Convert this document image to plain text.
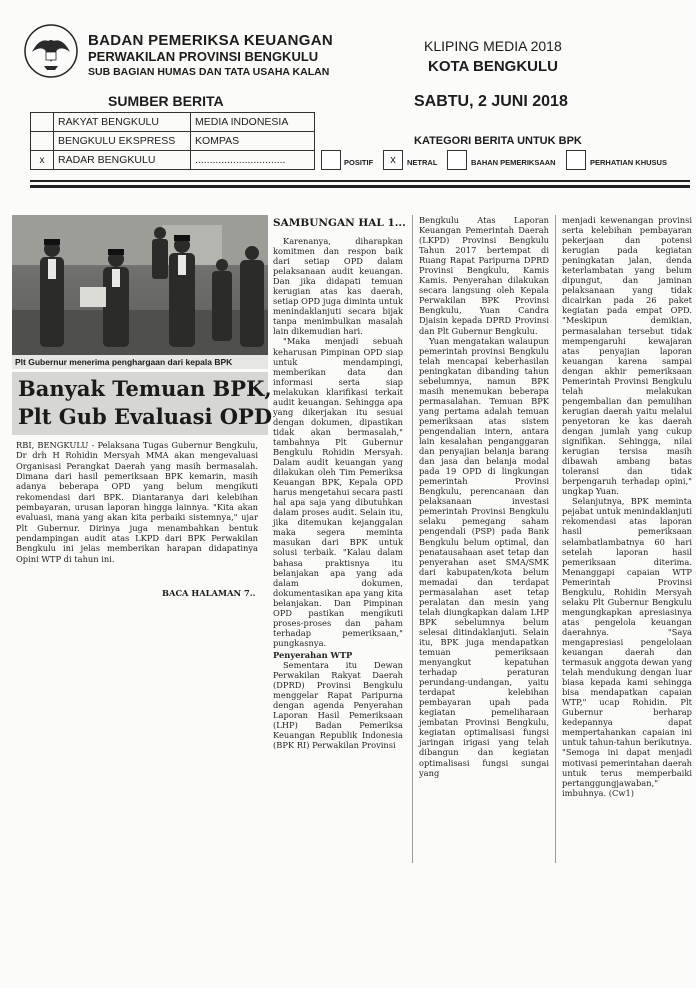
BADAN PEMERIKSA KEUANGAN
PERWAKILAN PROVINSI BENGKULU
SUB BAGIAN HUMAS DAN TATA USAHA KALAN
KLIPING MEDIA 2018
KOTA BENGKULU
SABTU, 2 JUNI 2018
SUMBER BERITA
	RAKYAT BENGKULU	MEDIA INDONESIA
	BENGKULU EKSPRESS	KOMPAS
x	RADAR BENGKULU	...............................
KATEGORI BERITA UNTUK BPK
POSITIF	x	NETRAL	BAHAN PEMERIKSAAN	PERHATIAN KHUSUS
Plt Gubernur menerima penghargaan dari kepala BPK
Banyak Temuan BPK,
Plt Gub Evaluasi OPD

RBI, BENGKULU - Pelaksana Tugas Gubernur Bengkulu, Dr drh H Rohidin Mersyah MMA akan mengevaluasi Organisasi Perangkat Daerah yang masih bermasalah. Dimana dari hasil pemeriksaan BPK kemarin, masih adanya beberapa OPD yang belum mengikuti rekomendasi dari BPK. Diantaranya dari kelebihan pembayaran, urusan laporan hingga lainnya. "Kita akan evaluasi, mana yang akan kita perbaiki sistemnya," ujar Plt Gubernur. Dirinya juga menambahkan bentuk pendampingan audit atas LKPD dari BPK Perwakilan Bengkulu ini jelas memberikan harapan didapatinya Opini WTP di tahun ini.

BACA HALAMAN 7..
SAMBUNGAN HAL 1...

Karenanya, diharapkan komitmen dan respon baik dari setiap OPD dalam pelaksanaan audit keuangan. Dan jika didapati temuan kerugian atas kas daerah, setiap OPD juga diminta untuk menindaklanjuti secara bijak tanpa menimbulkan masalah lain dikemudian hari.

"Maka menjadi sebuah keharusan Pimpinan OPD siap untuk mendampingi, memberikan data dan informasi serta siap melakukan klarifikasi terkait audit keuangan. Sehingga apa yang dikerjakan itu sesuai dengan dokumen, dipastikan tidak akan bermasalah," tambahnya Plt Gubernur Bengkulu Rohidin Mersyah. Dalam audit keuangan yang dilakukan oleh Tim Pemeriksa Keuangan BPK, Kepala OPD harus mengetahui secara pasti hal apa saja yang dibutuhkan dalam proses audit. Selain itu, jika ditemukan kejanggalan maka segera meminta masukan dari BPK untuk solusi terbaik. "Kalau dalam bahasa praktisnya itu belanjakan apa yang ada dalam dokumen, dokumentasikan apa yang kita belanjakan. Dan Pimpinan OPD pastikan mengikuti proses-proses dan paham terhadap pemeriksaan," pungkasnya.

Penyerahan WTP

Sementara itu Dewan Perwakilan Rakyat Daerah (DPRD) Provinsi Bengkulu menggelar Rapat Paripurna dengan agenda Penyerahan Laporan Hasil Pemeriksaan (LHP) Badan Pemeriksa Keuangan Republik Indonesia (BPK RI) Perwakilan Provinsi

Bengkulu Atas Laporan Keuangan Pemerintah Daerah (LKPD) Provinsi Bengkulu Tahun 2017 bertempat di Ruang Rapat Paripurna DPRD Provinsi Bengkulu, Kamis Kamis. Penyerahan dilakukan secara langsung oleh Kepala Perwakilan BPK Provinsi Bengkulu, Yuan Candra Djaisin kepada DPRD Provinsi dan Plt Gubernur Bengkulu.

Yuan mengatakan walaupun pemerintah provinsi Bengkulu telah mencapai keberhasilan peningkatan dibanding tahun sebelumnya, namun BPK masih menemukan beberapa permasalahan. Temuan BPK yang pertama adalah temuan pemeriksaan atas sistem pengendalian intern, antara lain kesalahan penganggaran dan penyajian belanja barang dan jasa dan belanja modal pada 19 OPD di lingkungan pemerintah Provinsi Bengkulu, perencanaan dan pelaksanaan investasi pemerintah Provinsi Bengkulu selaku pemegang saham pengendali (PSP) pada Bank Bengkulu belum optimal, dan penatausahaan aset tetap dan penyerahan aset SMA/SMK dari kabupaten/kota belum memadai dan terdapat permasalahan aset tetap peralatan dan mesin yang telah diungkapkan dalam LHP BPK sebelumnya belum selesai ditindaklanjuti. Selain itu, BPK juga mendapatkan temuan pemeriksaan menyangkut kepatuhan terhadap peraturan perundang-undangan, yaitu terdapat kelebihan pembayaran upah pada kegiatan pemeliharaan jembatan Provinsi Bengkulu, kegiatan optimalisasi fungsi jaringan irigasi yang telah dibangun dan kegiatan optimalisasi fungsi sungai yang

menjadi kewenangan provinsi serta kelebihan pembayaran pekerjaan dan potensi kerugian pada kegiatan peningkatan jalan, denda keterlambatan yang belum dipungut, dan jaminan pelaksanaan yang tidak dicairkan pada 26 paket kegiatan pada empat OPD. "Meskipun demikian, permasalahan tersebut tidak mempengaruhi kewajaran atas penyajian laporan keuangan karena sampai dengan akhir pemeriksaan Pemerintah Provinsi Bengkulu telah melakukan pengembalian dan pemulihan kerugian daerah yaitu melalui penyetoran ke kas daerah dengan jumlah yang cukup signifikan. Sehingga, nilai kerugian tersisa masih dibawah ambang batas toleransi dan tidak berpengaruh terhadap opini," ungkap Yuan.

Selanjutnya, BPK meminta pejabat untuk menindaklanjuti rekomendasi atas laporan hasil pemeriksaan selambatlambatnya 60 hari setelah laporan hasil pemeriksaan diterima. Menanggapi capaian WTP Pemerintah Provinsi Bengkulu, Rohidin Mersyah selaku Plt Gubernur Bengkulu mengungkapkan apresiasinya atas pengelola keuangan daerahnya. "Saya mengapresiasi pengelolaan keuangan daerah dan termasuk anggota dewan yang telah mendukung dengan luar biasa kepada kami sehingga bisa mendapatkan capaian WTP," ucap Rohidin. Plt Gubernur berharap kedepannya dapat mempertahankan capaian ini untuk tahun-tahun berikutnya. "Semoga ini dapat menjadi motivasi pemerintahan daerah untuk terus memperbaiki pertanggungjawaban," imbuhnya. (Cw1)
